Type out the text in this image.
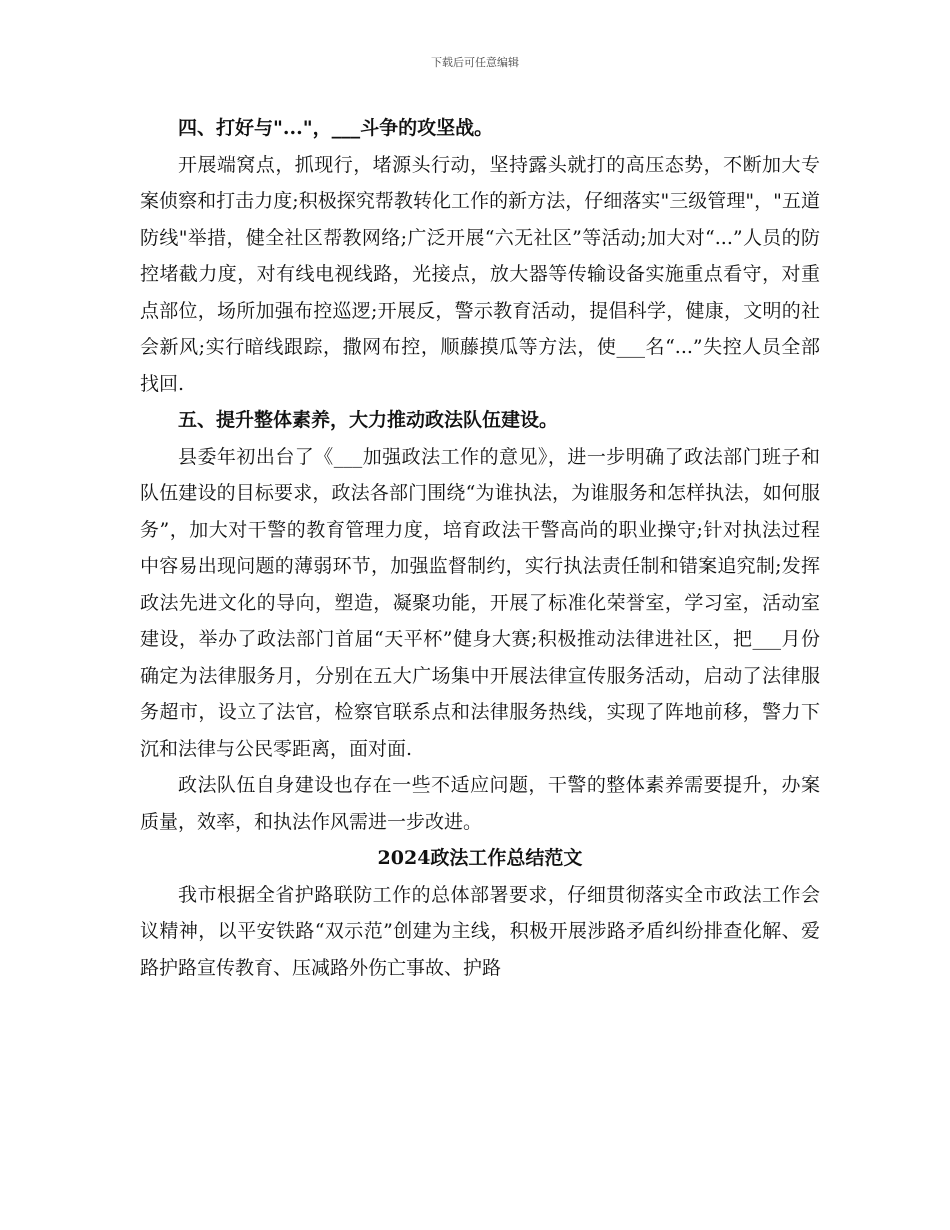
下载后可任意编辑

四、打好与"..."，___斗争的攻坚战。

开展端窝点，抓现行，堵源头行动，坚持露头就打的高压态势，不断加大专案侦察和打击力度;积极探究帮教转化工作的新方法，仔细落实"三级管理"，"五道防线"举措，健全社区帮教网络;广泛开展“六无社区”等活动;加大对“...”人员的防控堵截力度，对有线电视线路，光接点，放大器等传输设备实施重点看守，对重点部位，场所加强布控巡逻;开展反，警示教育活动，提倡科学，健康，文明的社会新风;实行暗线跟踪，撒网布控，顺藤摸瓜等方法，使___名“...”失控人员全部找回.

五、提升整体素养，大力推动政法队伍建设。

县委年初出台了《___加强政法工作的意见》，进一步明确了政法部门班子和队伍建设的目标要求，政法各部门围绕“为谁执法，为谁服务和怎样执法，如何服务”，加大对干警的教育管理力度，培育政法干警高尚的职业操守;针对执法过程中容易出现问题的薄弱环节，加强监督制约，实行执法责任制和错案追究制;发挥政法先进文化的导向，塑造，凝聚功能，开展了标准化荣誉室，学习室，活动室建设，举办了政法部门首届“天平杯”健身大赛;积极推动法律进社区，把___月份确定为法律服务月，分别在五大广场集中开展法律宣传服务活动，启动了法律服务超市，设立了法官，检察官联系点和法律服务热线，实现了阵地前移，警力下沉和法律与公民零距离，面对面.

政法队伍自身建设也存在一些不适应问题，干警的整体素养需要提升，办案质量，效率，和执法作风需进一步改进。

2024政法工作总结范文

我市根据全省护路联防工作的总体部署要求，仔细贯彻落实全市政法工作会议精神，以平安铁路“双示范”创建为主线，积极开展涉路矛盾纠纷排查化解、爱路护路宣传教育、压减路外伤亡事故、护路
